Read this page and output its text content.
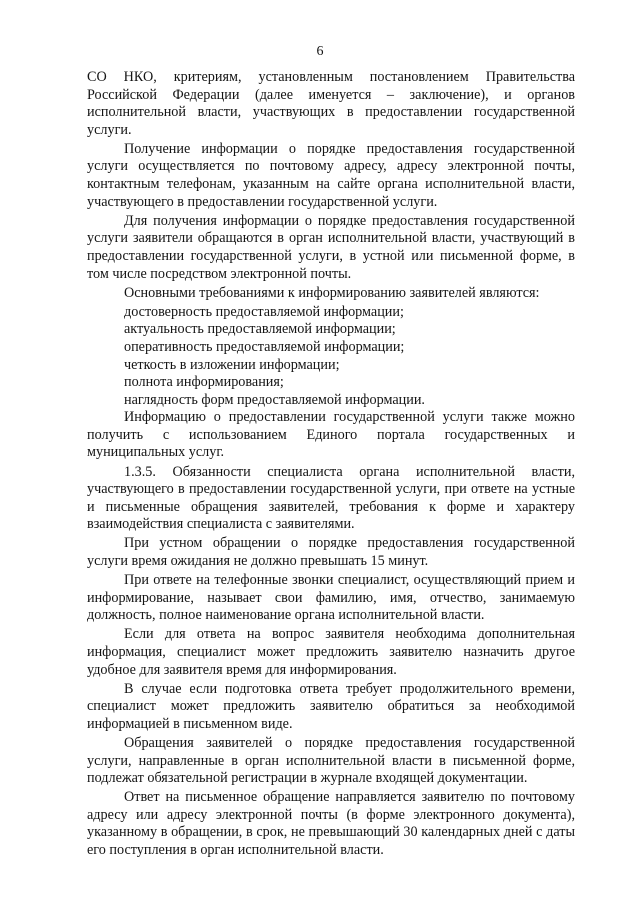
6

СО НКО, критериям, установленным постановлением Правительства Российской Федерации (далее именуется – заключение), и органов исполнительной власти, участвующих в предоставлении государственной услуги.

Получение информации о порядке предоставления государственной услуги осуществляется по почтовому адресу, адресу электронной почты, контактным телефонам, указанным на сайте органа исполнительной власти, участвующего в предоставлении государственной услуги.

Для получения информации о порядке предоставления государственной услуги заявители обращаются в орган исполнительной власти, участвующий в предоставлении государственной услуги, в устной или письменной форме, в том числе посредством электронной почты.

Основными требованиями к информированию заявителей являются:

достоверность предоставляемой информации;
актуальность предоставляемой информации;
оперативность предоставляемой информации;
четкость в изложении информации;
полнота информирования;
наглядность форм предоставляемой информации.

Информацию о предоставлении государственной услуги также можно получить с использованием Единого портала государственных и муниципальных услуг.

1.3.5. Обязанности специалиста органа исполнительной власти, участвующего в предоставлении государственной услуги, при ответе на устные и письменные обращения заявителей, требования к форме и характеру взаимодействия специалиста с заявителями.

При устном обращении о порядке предоставления государственной услуги время ожидания не должно превышать 15 минут.

При ответе на телефонные звонки специалист, осуществляющий прием и информирование, называет свои фамилию, имя, отчество, занимаемую должность, полное наименование органа исполнительной власти.

Если для ответа на вопрос заявителя необходима дополнительная информация, специалист может предложить заявителю назначить другое удобное для заявителя время для информирования.

В случае если подготовка ответа требует продолжительного времени, специалист может предложить заявителю обратиться за необходимой информацией в письменном виде.

Обращения заявителей о порядке предоставления государственной услуги, направленные в орган исполнительной власти в письменной форме, подлежат обязательной регистрации в журнале входящей документации.

Ответ на письменное обращение направляется заявителю по почтовому адресу или адресу электронной почты (в форме электронного документа), указанному в обращении, в срок, не превышающий 30 календарных дней с даты его поступления в орган исполнительной власти.
